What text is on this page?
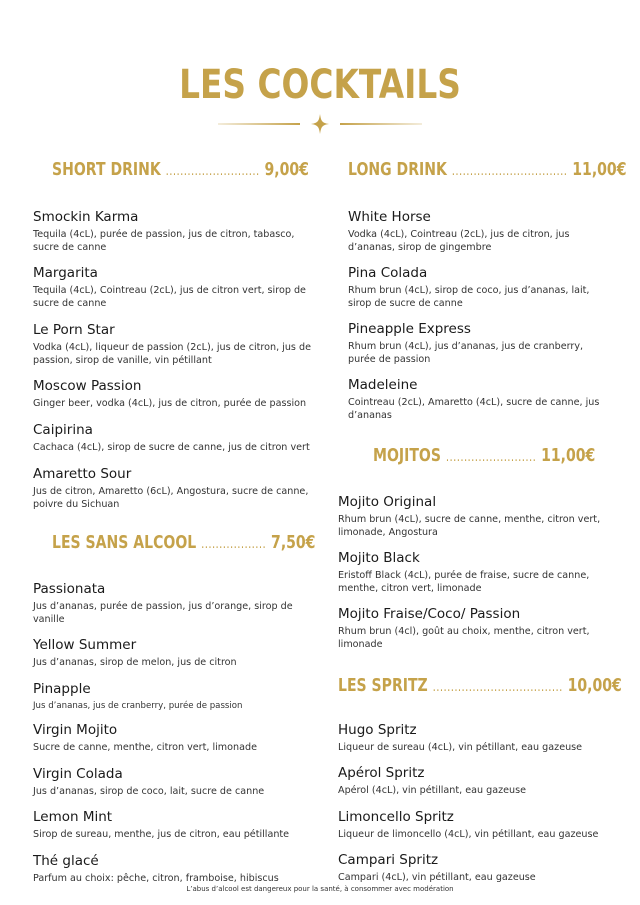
LES COCKTAILS
SHORT DRINK .......................... 9,00€
Smockin Karma
Tequila (4cL), purée de passion, jus de citron, tabasco, sucre de canne
Margarita
Tequila (4cL), Cointreau (2cL), jus de citron vert, sirop de sucre de canne
Le Porn Star
Vodka (4cL), liqueur de passion (2cL), jus de citron, jus de passion, sirop de vanille, vin pétillant
Moscow Passion
Ginger beer, vodka (4cL), jus de citron, purée de passion
Caipirina
Cachaca (4cL), sirop de sucre de canne, jus de citron vert
Amaretto Sour
Jus de citron, Amaretto (6cL), Angostura, sucre de canne, poivre du Sichuan
LES SANS ALCOOL .................. 7,50€
Passionata
Jus d’ananas, purée de passion, jus d’orange, sirop de vanille
Yellow Summer
Jus d’ananas, sirop de melon, jus de citron
Pinapple
Jus d’ananas, jus de cranberry, purée de passion
Virgin Mojito
Sucre de canne, menthe, citron vert, limonade
Virgin Colada
Jus d’ananas, sirop de coco, lait, sucre de canne
Lemon Mint
Sirop de sureau, menthe, jus de citron, eau pétillante
Thé glacé
Parfum au choix: pêche, citron, framboise, hibiscus
LONG DRINK ................................ 11,00€
White Horse
Vodka (4cL), Cointreau (2cL), jus de citron, jus d’ananas, sirop de gingembre
Pina Colada
Rhum brun (4cL), sirop de coco, jus d’ananas, lait, sirop de sucre de canne
Pineapple Express
Rhum brun (4cL), jus d’ananas, jus de cranberry, purée de passion
Madeleine
Cointreau (2cL), Amaretto (4cL), sucre de canne, jus d’ananas
MOJITOS ......................... 11,00€
Mojito Original
Rhum brun (4cL), sucre de canne, menthe, citron vert, limonade, Angostura
Mojito Black
Eristoff Black (4cL), purée de fraise, sucre de canne, menthe, citron vert, limonade
Mojito Fraise/Coco/ Passion
Rhum brun (4cl), goût au choix, menthe, citron vert, limonade
LES SPRITZ .................................... 10,00€
Hugo Spritz
Liqueur de sureau (4cL), vin pétillant, eau gazeuse
Apérol Spritz
Apérol (4cL), vin pétillant, eau gazeuse
Limoncello Spritz
Liqueur de limoncello (4cL), vin pétillant, eau gazeuse
Campari Spritz
Campari (4cL), vin pétillant, eau gazeuse
L’abus d’alcool est dangereux pour la santé, à consommer avec modération
